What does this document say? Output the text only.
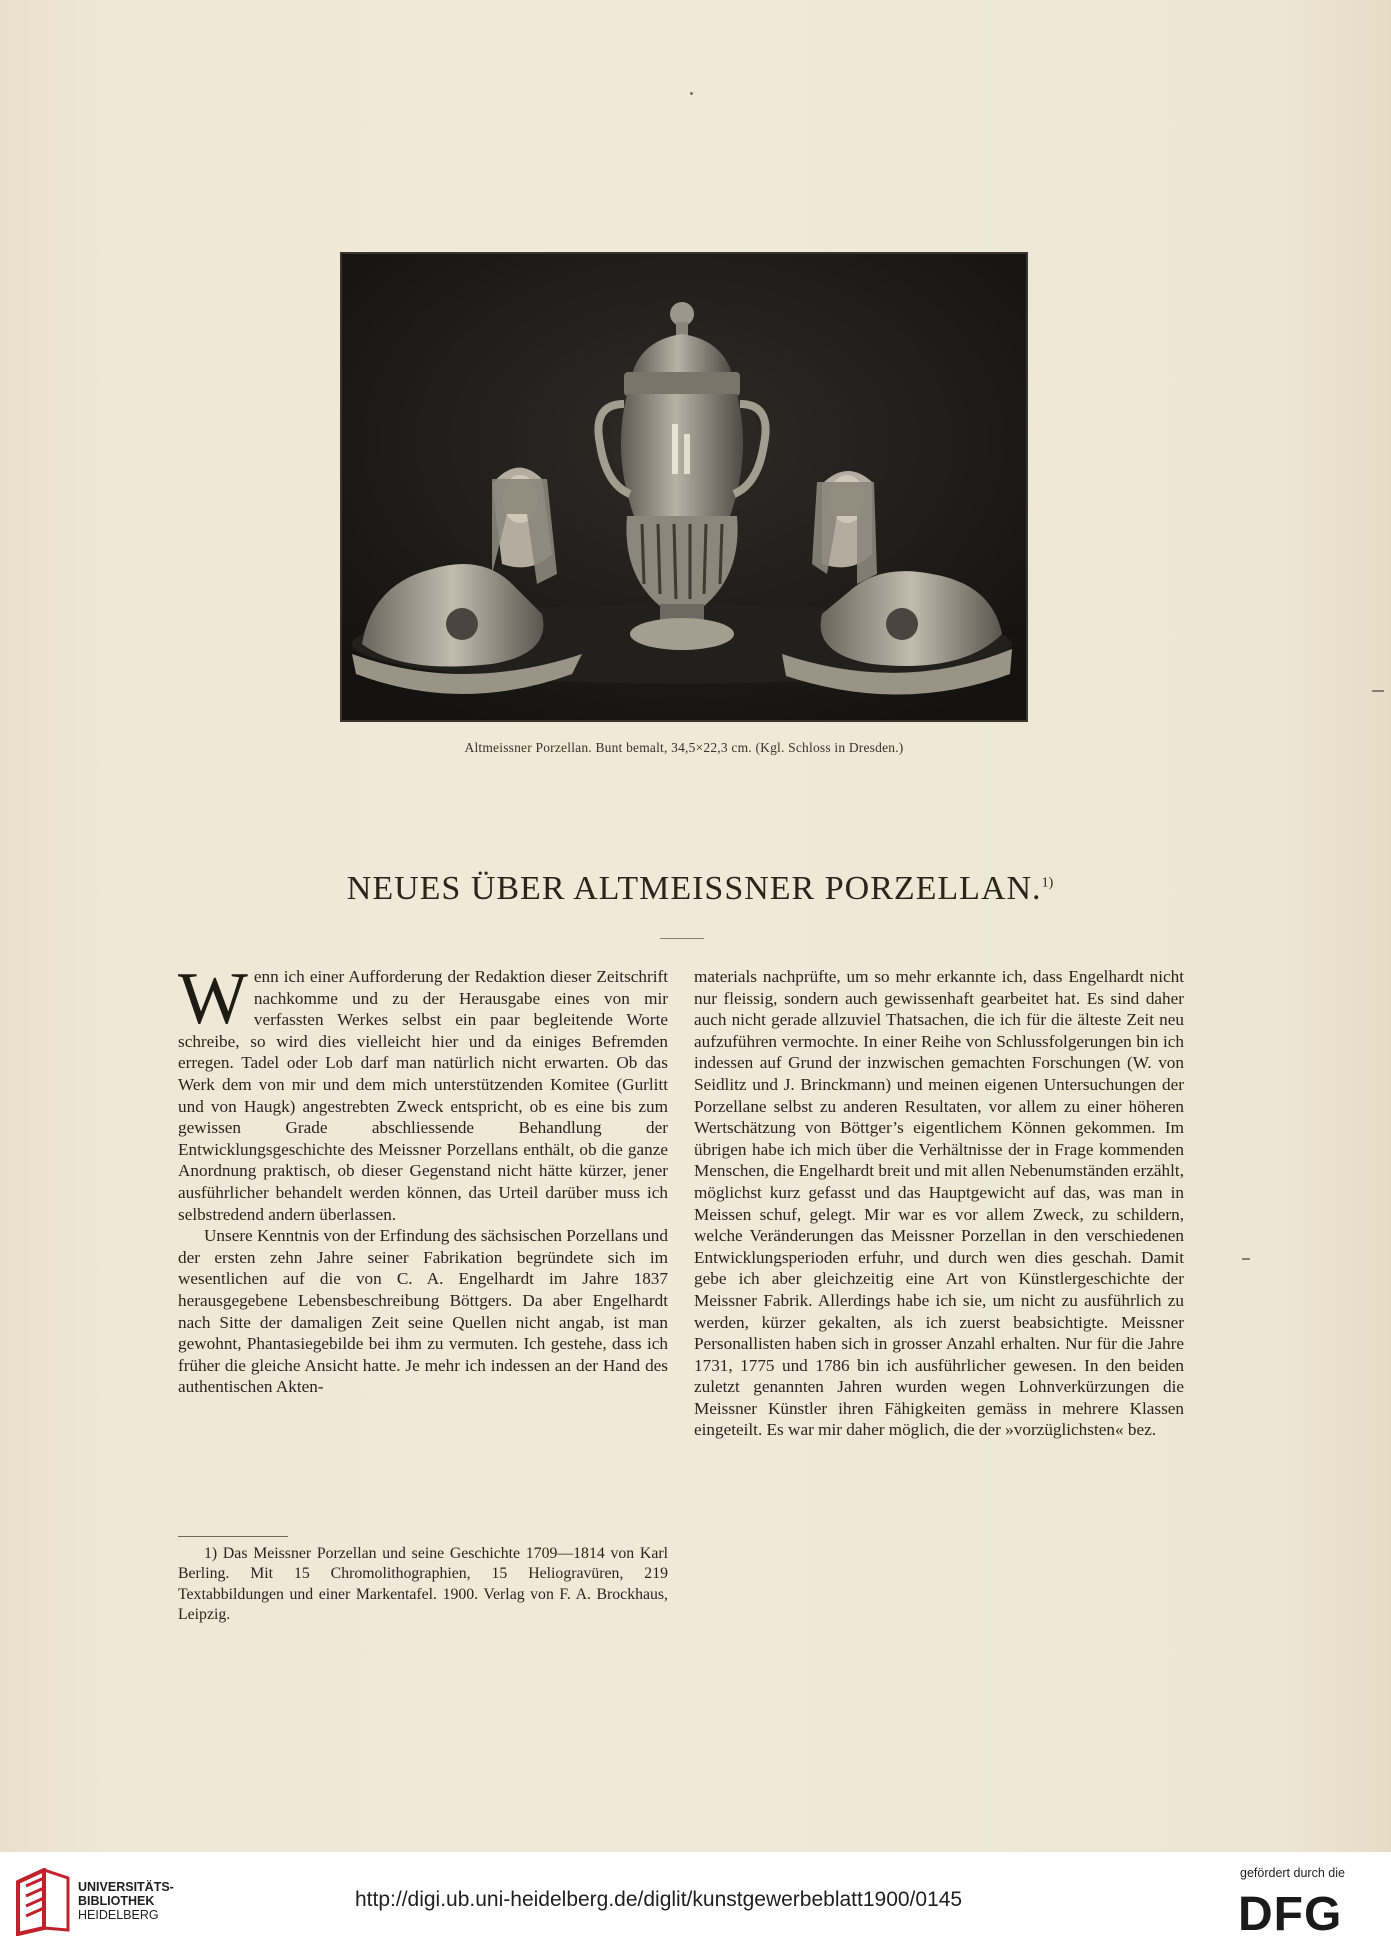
Altmeissner Porzellan. Bunt bemalt, 34,5×22,3 cm. (Kgl. Schloss in Dresden.)
NEUES ÜBER ALTMEISSNER PORZELLAN.$^{1)}$

Wenn ich einer Aufforderung der Redaktion dieser Zeitschrift nachkomme und zu der Herausgabe eines von mir verfassten Werkes selbst ein paar begleitende Worte schreibe, so wird dies vielleicht hier und da einiges Befremden erregen. Tadel oder Lob darf man natürlich nicht erwarten. Ob das Werk dem von mir und dem mich unterstützenden Komitee (Gurlitt und von Haugk) angestrebten Zweck entspricht, ob es eine bis zum gewissen Grade abschliessende Behandlung der Entwicklungsgeschichte des Meissner Porzellans enthält, ob die ganze Anordnung praktisch, ob dieser Gegenstand nicht hätte kürzer, jener ausführlicher behandelt werden können, das Urteil darüber muss ich selbstredend andern überlassen.

Unsere Kenntnis von der Erfindung des sächsischen Porzellans und der ersten zehn Jahre seiner Fabrikation begründete sich im wesentlichen auf die von C. A. Engelhardt im Jahre 1837 herausgegebene Lebensbeschreibung Böttgers. Da aber Engelhardt nach Sitte der damaligen Zeit seine Quellen nicht angab, ist man gewohnt, Phantasiegebilde bei ihm zu vermuten. Ich gestehe, dass ich früher die gleiche Ansicht hatte. Je mehr ich indessen an der Hand des authentischen Akten-

materials nachprüfte, um so mehr erkannte ich, dass Engelhardt nicht nur fleissig, sondern auch gewissenhaft gearbeitet hat. Es sind daher auch nicht gerade allzuviel Thatsachen, die ich für die älteste Zeit neu aufzuführen vermochte. In einer Reihe von Schlussfolgerungen bin ich indessen auf Grund der inzwischen gemachten Forschungen (W. von Seidlitz und J. Brinckmann) und meinen eigenen Untersuchungen der Porzellane selbst zu anderen Resultaten, vor allem zu einer höheren Wertschätzung von Böttger’s eigentlichem Können gekommen. Im übrigen habe ich mich über die Verhältnisse der in Frage kommenden Menschen, die Engelhardt breit und mit allen Nebenumständen erzählt, möglichst kurz gefasst und das Hauptgewicht auf das, was man in Meissen schuf, gelegt. Mir war es vor allem Zweck, zu schildern, welche Veränderungen das Meissner Porzellan in den verschiedenen Entwicklungsperioden erfuhr, und durch wen dies geschah. Damit gebe ich aber gleichzeitig eine Art von Künstlergeschichte der Meissner Fabrik. Allerdings habe ich sie, um nicht zu ausführlich zu werden, kürzer gekalten, als ich zuerst beabsichtigte. Meissner Personallisten haben sich in grosser Anzahl erhalten. Nur für die Jahre 1731, 1775 und 1786 bin ich ausführlicher gewesen. In den beiden zuletzt genannten Jahren wurden wegen Lohnverkürzungen die Meissner Künstler ihren Fähigkeiten gemäss in mehrere Klassen eingeteilt. Es war mir daher möglich, die der »vorzüglichsten« bez.

1) Das Meissner Porzellan und seine Geschichte 1709—1814 von Karl Berling. Mit 15 Chromolithographien, 15 Heliogravüren, 219 Textabbildungen und einer Markentafel. 1900. Verlag von F. A. Brockhaus, Leipzig.

UNIVERSITÄTS-
BIBLIOTHEK
HEIDELBERG
http://digi.ub.uni-heidelberg.de/diglit/kunstgewerbeblatt1900/0145
gefördert durch die
DFG
